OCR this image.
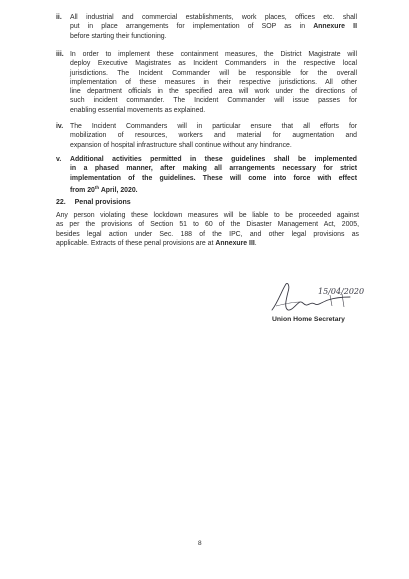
ii.	All industrial and commercial establishments, work places, offices etc. shall
put in place arrangements for implementation of SOP as in Annexure II
before starting their functioning.
iii. In order to implement these containment measures, the District Magistrate will
deploy Executive Magistrates as Incident Commanders in the respective local
jurisdictions. The Incident Commander will be responsible for the overall
implementation of these measures in their respective jurisdictions. All other
line department officials in the specified area will work under the directions of
such incident commander. The Incident Commander will issue passes for
enabling essential movements as explained.
iv. The Incident Commanders will in particular ensure that all efforts for
mobilization of resources, workers and material for augmentation and
expansion of hospital infrastructure shall continue without any hindrance.
v.	Additional activities permitted in these guidelines shall be implemented
in a phased manner, after making all arrangements necessary for strict
implementation of the guidelines. These will come into force with effect
from 20th April, 2020.
22. Penal provisions
Any person violating these lockdown measures will be liable to be proceeded against
as per the provisions of Section 51 to 60 of the Disaster Management Act, 2005,
besides legal action under Sec. 188 of the IPC, and other legal provisions as
applicable. Extracts of these penal provisions are at Annexure III.
15/04/2020
Union Home Secretary
8
